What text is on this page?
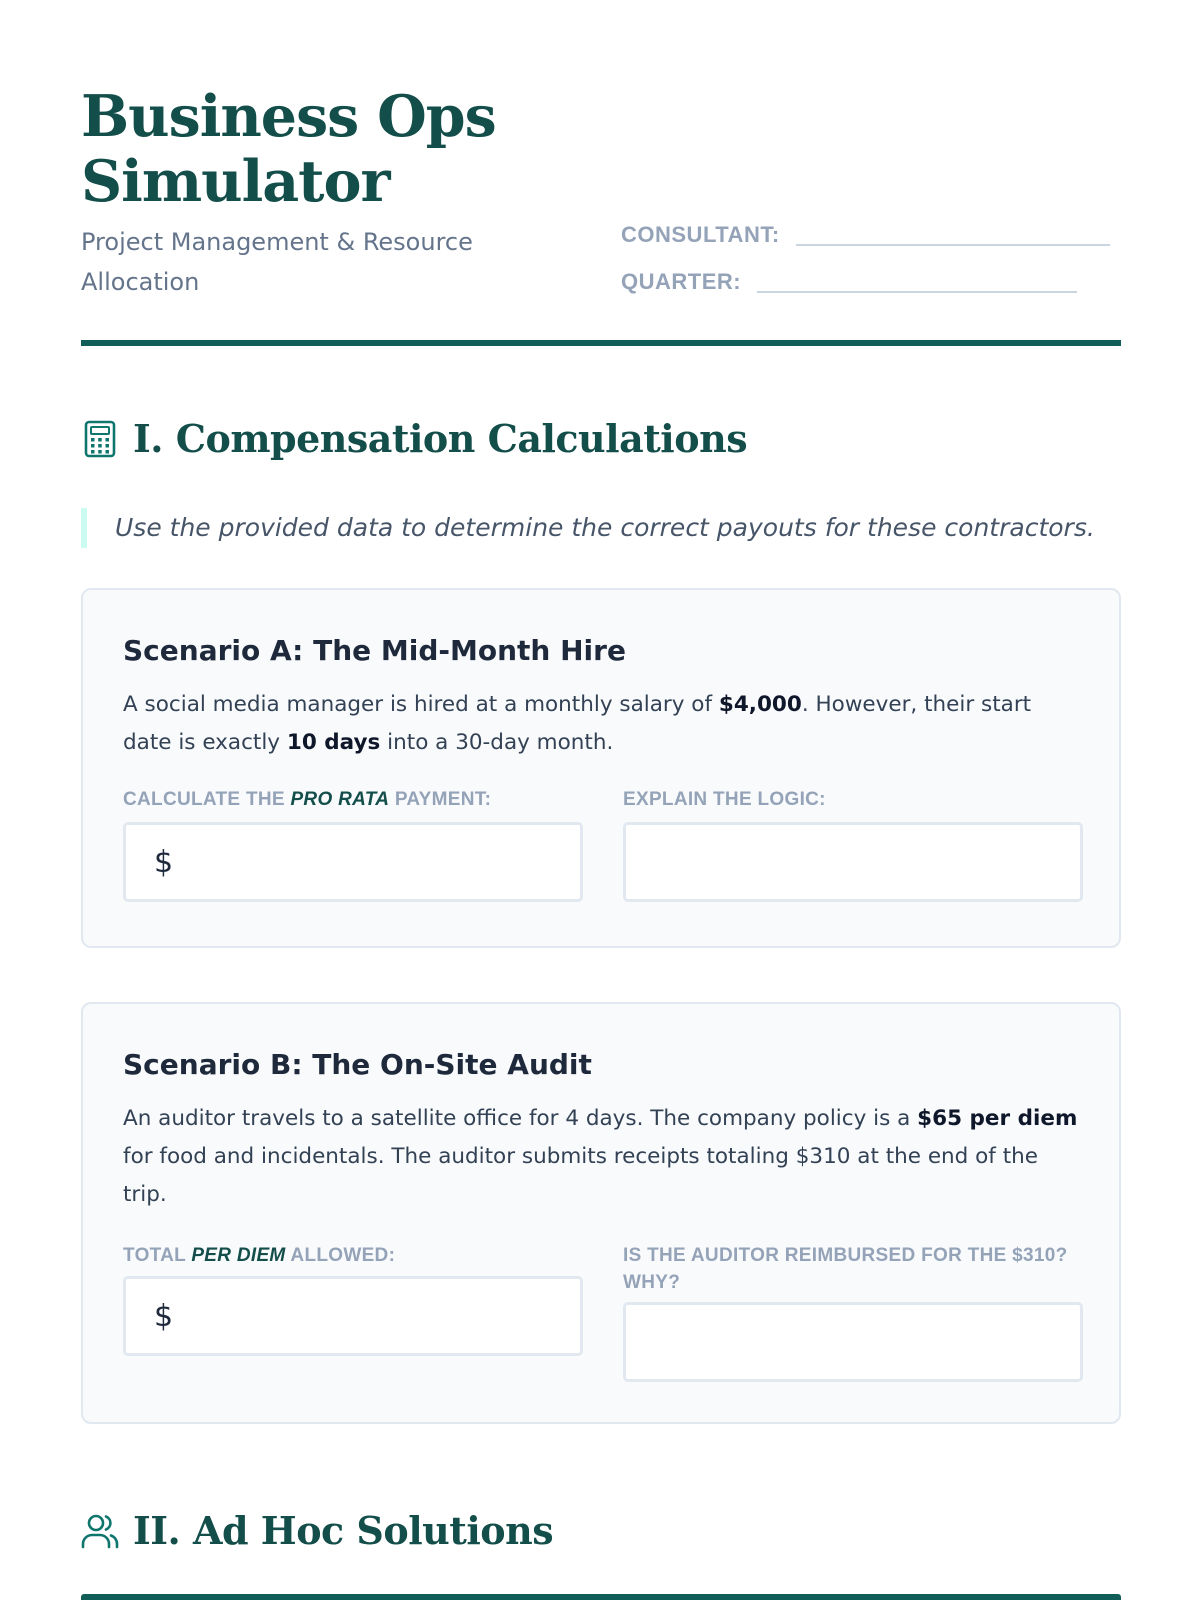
Business Ops Simulator
Project Management & Resource Allocation
CONSULTANT:
QUARTER:
I. Compensation Calculations
Use the provided data to determine the correct payouts for these contractors.
Scenario A: The Mid-Month Hire
A social media manager is hired at a monthly salary of $4,000. However, their start date is exactly 10 days into a 30-day month.
CALCULATE THE PRO RATA PAYMENT:
$
EXPLAIN THE LOGIC:
Scenario B: The On-Site Audit
An auditor travels to a satellite office for 4 days. The company policy is a $65 per diem for food and incidentals. The auditor submits receipts totaling $310 at the end of the trip.
TOTAL PER DIEM ALLOWED:
$
IS THE AUDITOR REIMBURSED FOR THE $310? WHY?
II. Ad Hoc Solutions
